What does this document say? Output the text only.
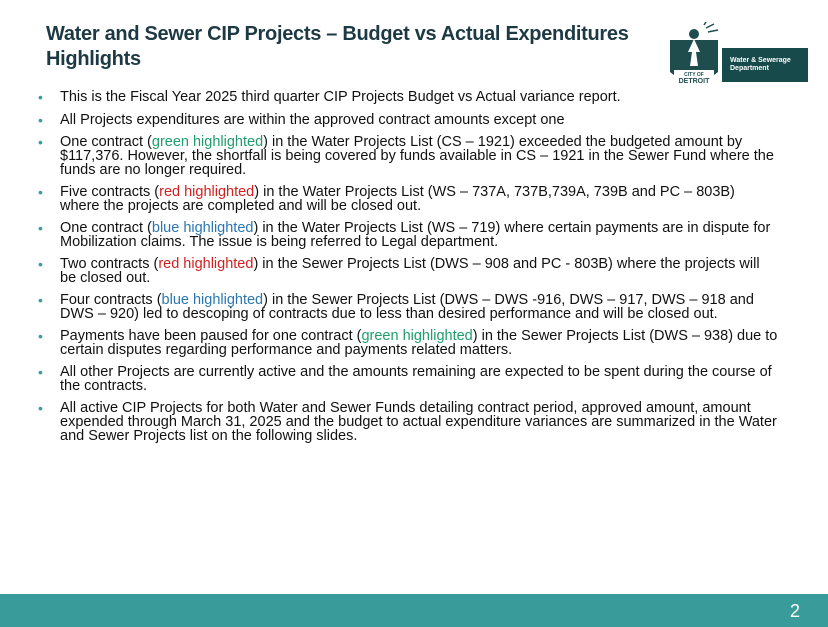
Water and Sewer CIP Projects – Budget vs Actual Expenditures
Highlights
CITY OF
DETROIT
Water & Sewerage
Department
• This is the Fiscal Year 2025 third quarter CIP Projects Budget vs Actual variance report.
• All Projects expenditures are within the approved contract amounts except one
• One contract (green highlighted) in the Water Projects List (CS – 1921) exceeded the budgeted amount by $117,376. However, the shortfall is being covered by funds available in CS – 1921 in the Sewer Fund where the funds are no longer required.
• Five contracts (red highlighted) in the Water Projects List (WS – 737A, 737B,739A, 739B and PC – 803B) where the projects are completed and will be closed out.
• One contract (blue highlighted) in the Water Projects List (WS – 719) where certain payments are in dispute for Mobilization claims. The issue is being referred to Legal department.
• Two contracts (red highlighted) in the Sewer Projects List (DWS – 908 and PC - 803B) where the projects will be closed out.
• Four contracts (blue highlighted) in the Sewer Projects List (DWS – DWS -916, DWS – 917, DWS – 918 and DWS – 920) led to descoping of contracts due to less than desired performance and will be closed out.
• Payments have been paused for one contract (green highlighted) in the Sewer Projects List (DWS – 938) due to certain disputes regarding performance and payments related matters.
• All other Projects are currently active and the amounts remaining are expected to be spent during the course of the contracts.
• All active CIP Projects for both Water and Sewer Funds detailing contract period, approved amount, amount expended through March 31, 2025 and the budget to actual expenditure variances are summarized in the Water and Sewer Projects list on the following slides.
2
